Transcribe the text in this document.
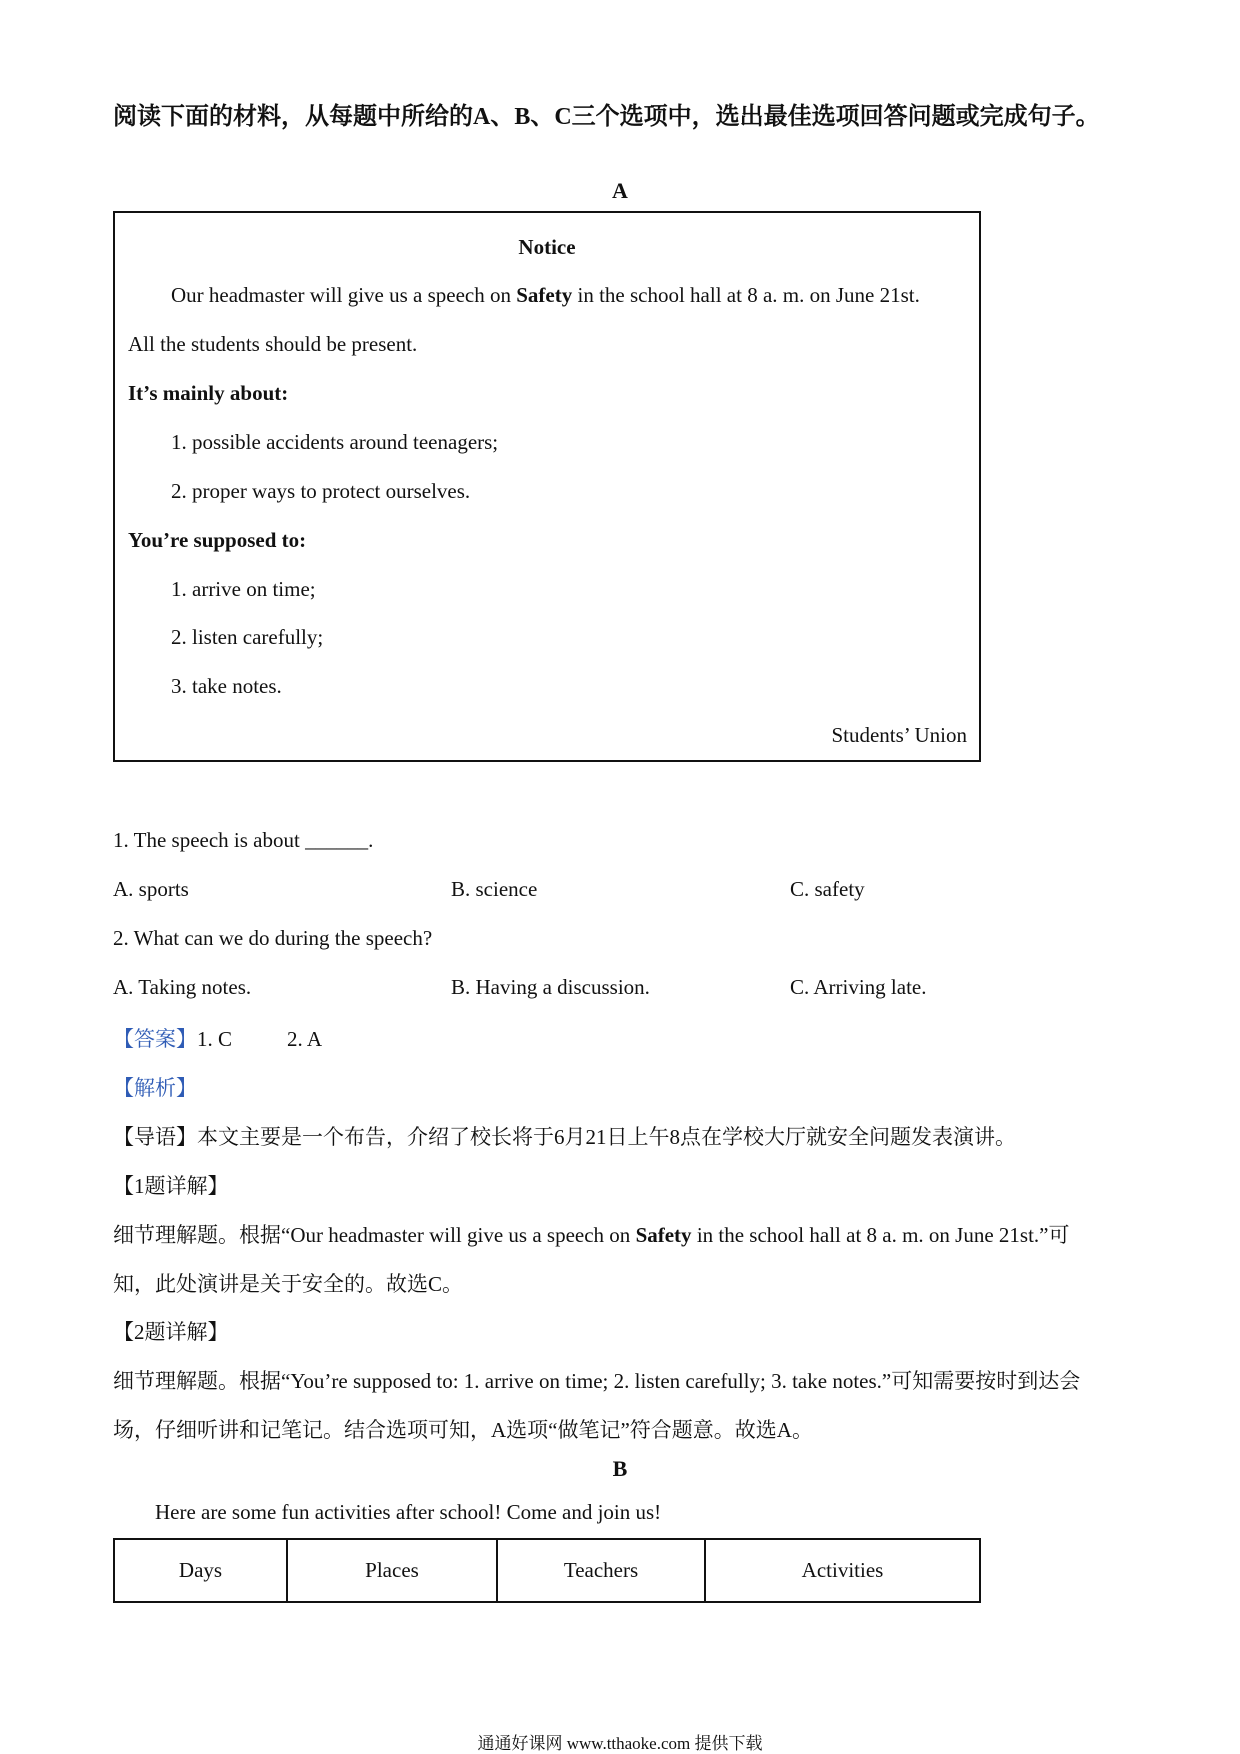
阅读下面的材料，从每题中所给的A、B、C三个选项中，选出最佳选项回答问题或完成句子。
A
Notice
Our headmaster will give us a speech on Safety in the school hall at 8 a. m. on June 21st.
All the students should be present.
It’s mainly about:
1. possible accidents around teenagers;
2. proper ways to protect ourselves.
You’re supposed to:
1. arrive on time;
2. listen carefully;
3. take notes.
Students’ Union
1. The speech is about ______.
A. sports	B. science	C. safety
2. What can we do during the speech?
A. Taking notes.	B. Having a discussion.	C. Arriving late.
【答案】1. C	2. A
【解析】
【导语】本文主要是一个布告，介绍了校长将于6月21日上午8点在学校大厅就安全问题发表演讲。
【1题详解】
细节理解题。根据“Our headmaster will give us a speech on Safety in the school hall at 8 a. m. on June 21st.”可
知，此处演讲是关于安全的。故选C。
【2题详解】
细节理解题。根据“You’re supposed to: 1. arrive on time; 2. listen carefully; 3. take notes.”可知需要按时到达会
场，仔细听讲和记笔记。结合选项可知，A选项“做笔记”符合题意。故选A。
B
Here are some fun activities after school! Come and join us!
Days	Places	Teachers	Activities
通通好课网 www.tthaoke.com 提供下载
